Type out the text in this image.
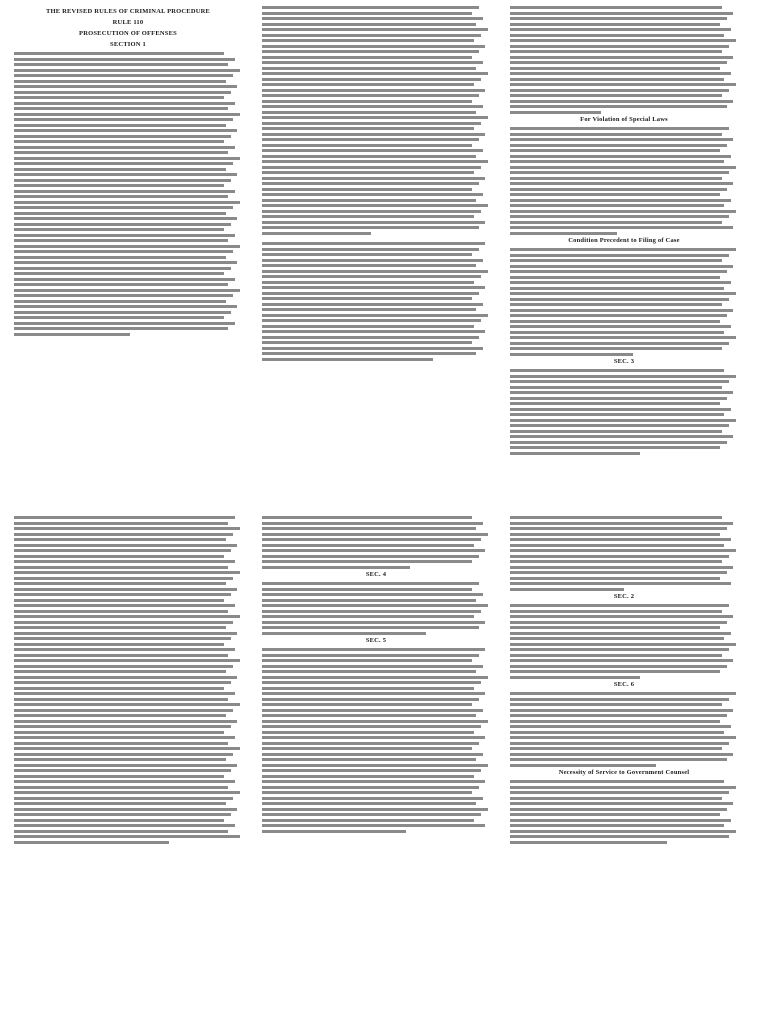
THE REVISED RULES OF CRIMINAL PROCEDURE
RULE 110
PROSECUTION OF OFFENSES
SECTION 1
For Violation of Special Laws
Condition Precedent to Filing of Case
SEC. 3
SEC. 4
SEC. 5
SEC. 2
SEC. 6
Necessity of Service to Government Counsel
